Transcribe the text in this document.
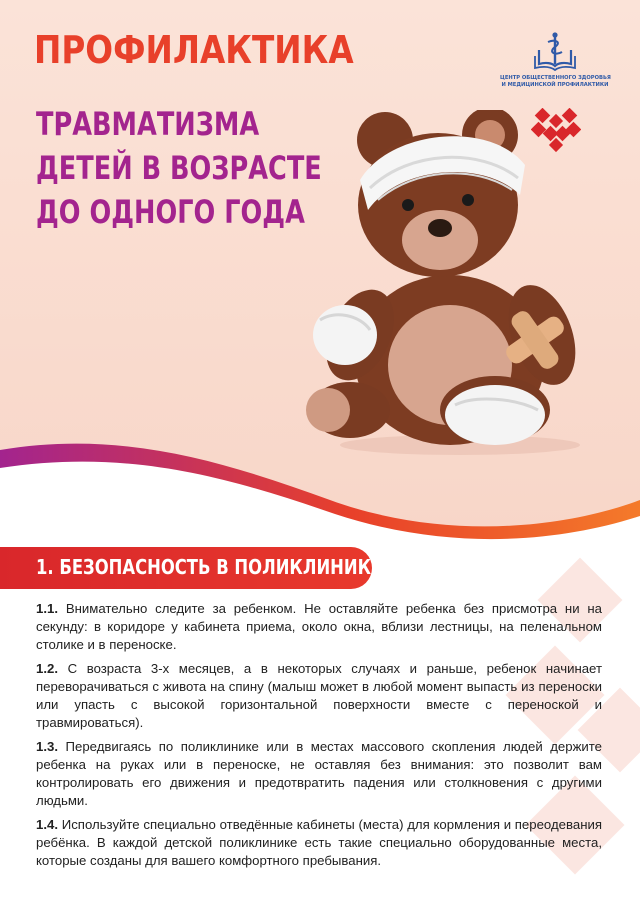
ПРОФИЛАКТИКА
ТРАВМАТИЗМА
ДЕТЕЙ В ВОЗРАСТЕ
ДО ОДНОГО ГОДА
ЦЕНТР ОБЩЕСТВЕННОГО ЗДОРОВЬЯ
И МЕДИЦИНСКОЙ ПРОФИЛАКТИКИ
1. БЕЗОПАСНОСТЬ В ПОЛИКЛИНИКЕ

1.1. Внимательно следите за ребенком. Не оставляйте ребенка без присмотра ни на секунду: в коридоре у кабинета приема, около окна, вблизи лестницы, на пеленальном столике и в переноске.

1.2. С возраста 3-х месяцев, а в некоторых случаях и раньше, ребенок начинает переворачиваться с живота на спину (малыш может в любой момент выпасть из переноски или упасть с высокой горизонтальной поверхности вместе с переноской и травмироваться).

1.3. Передвигаясь по поликлинике или в местах массового скопления людей держите ребенка на руках или в переноске, не оставляя без внимания: это позволит вам контролировать его движения и предотвратить падения или столкновения с другими людьми.

1.4. Используйте специально отведённые кабинеты (места) для кормления и переодевания ребёнка. В каждой детской поликлинике есть такие специально оборудованные места, которые созданы для вашего комфортного пребывания.
